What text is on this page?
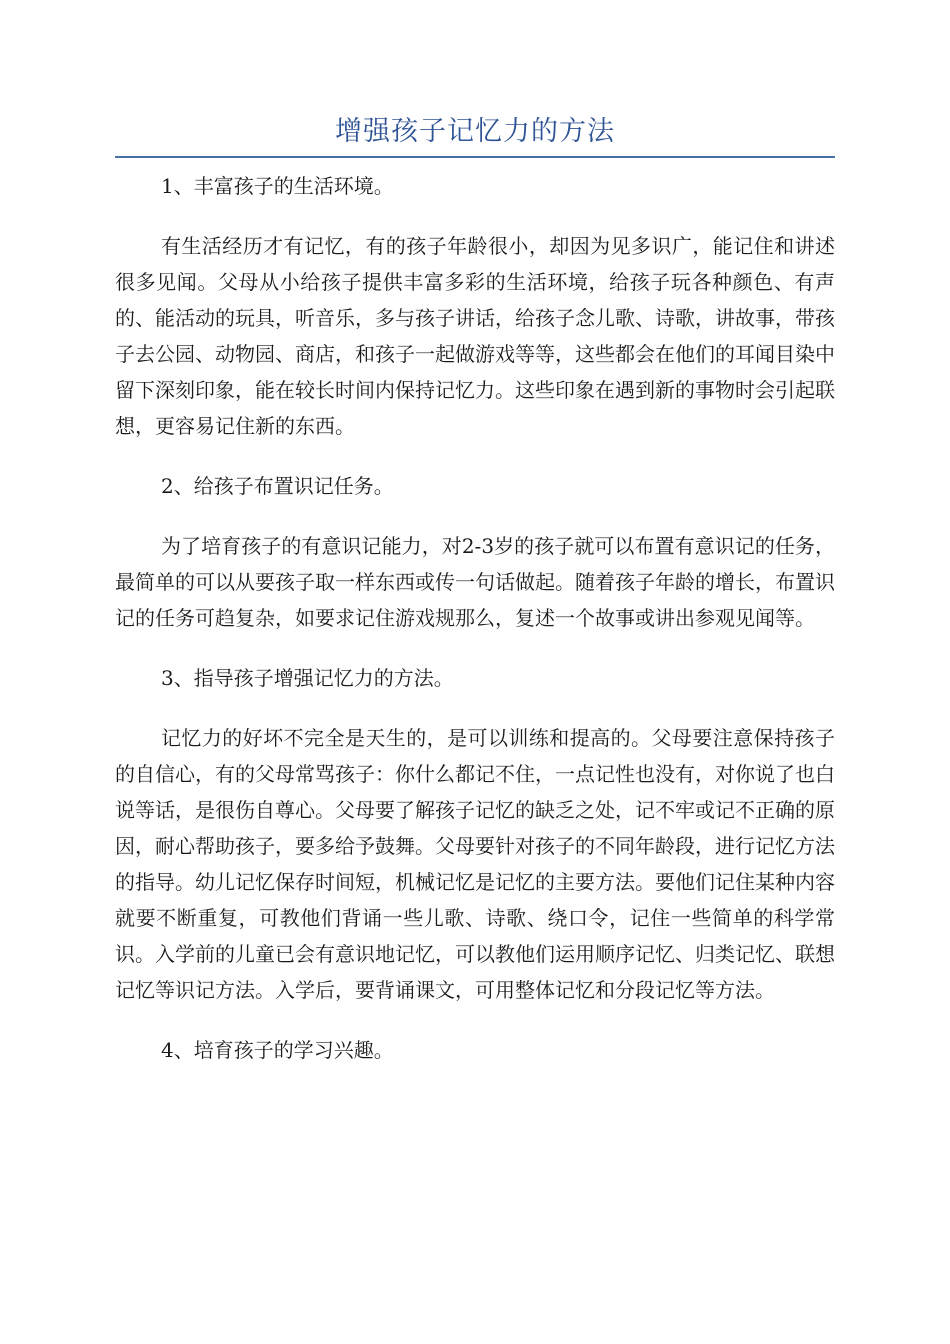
增强孩子记忆力的方法
1、丰富孩子的生活环境。
有生活经历才有记忆，有的孩子年龄很小，却因为见多识广，能记住和讲述很多见闻。父母从小给孩子提供丰富多彩的生活环境，给孩子玩各种颜色、有声的、能活动的玩具，听音乐，多与孩子讲话，给孩子念儿歌、诗歌，讲故事，带孩子去公园、动物园、商店，和孩子一起做游戏等等，这些都会在他们的耳闻目染中留下深刻印象，能在较长时间内保持记忆力。这些印象在遇到新的事物时会引起联想，更容易记住新的东西。
2、给孩子布置识记任务。
为了培育孩子的有意识记能力，对2-3岁的孩子就可以布置有意识记的任务，最简单的可以从要孩子取一样东西或传一句话做起。随着孩子年龄的增长，布置识记的任务可趋复杂，如要求记住游戏规那么，复述一个故事或讲出参观见闻等。
3、指导孩子增强记忆力的方法。
记忆力的好坏不完全是天生的，是可以训练和提高的。父母要注意保持孩子的自信心，有的父母常骂孩子：你什么都记不住，一点记性也没有，对你说了也白说等话，是很伤自尊心。父母要了解孩子记忆的缺乏之处，记不牢或记不正确的原因，耐心帮助孩子，要多给予鼓舞。父母要针对孩子的不同年龄段，进行记忆方法的指导。幼儿记忆保存时间短，机械记忆是记忆的主要方法。要他们记住某种内容就要不断重复，可教他们背诵一些儿歌、诗歌、绕口令，记住一些简单的科学常识。入学前的儿童已会有意识地记忆，可以教他们运用顺序记忆、归类记忆、联想记忆等识记方法。入学后，要背诵课文，可用整体记忆和分段记忆等方法。
4、培育孩子的学习兴趣。
